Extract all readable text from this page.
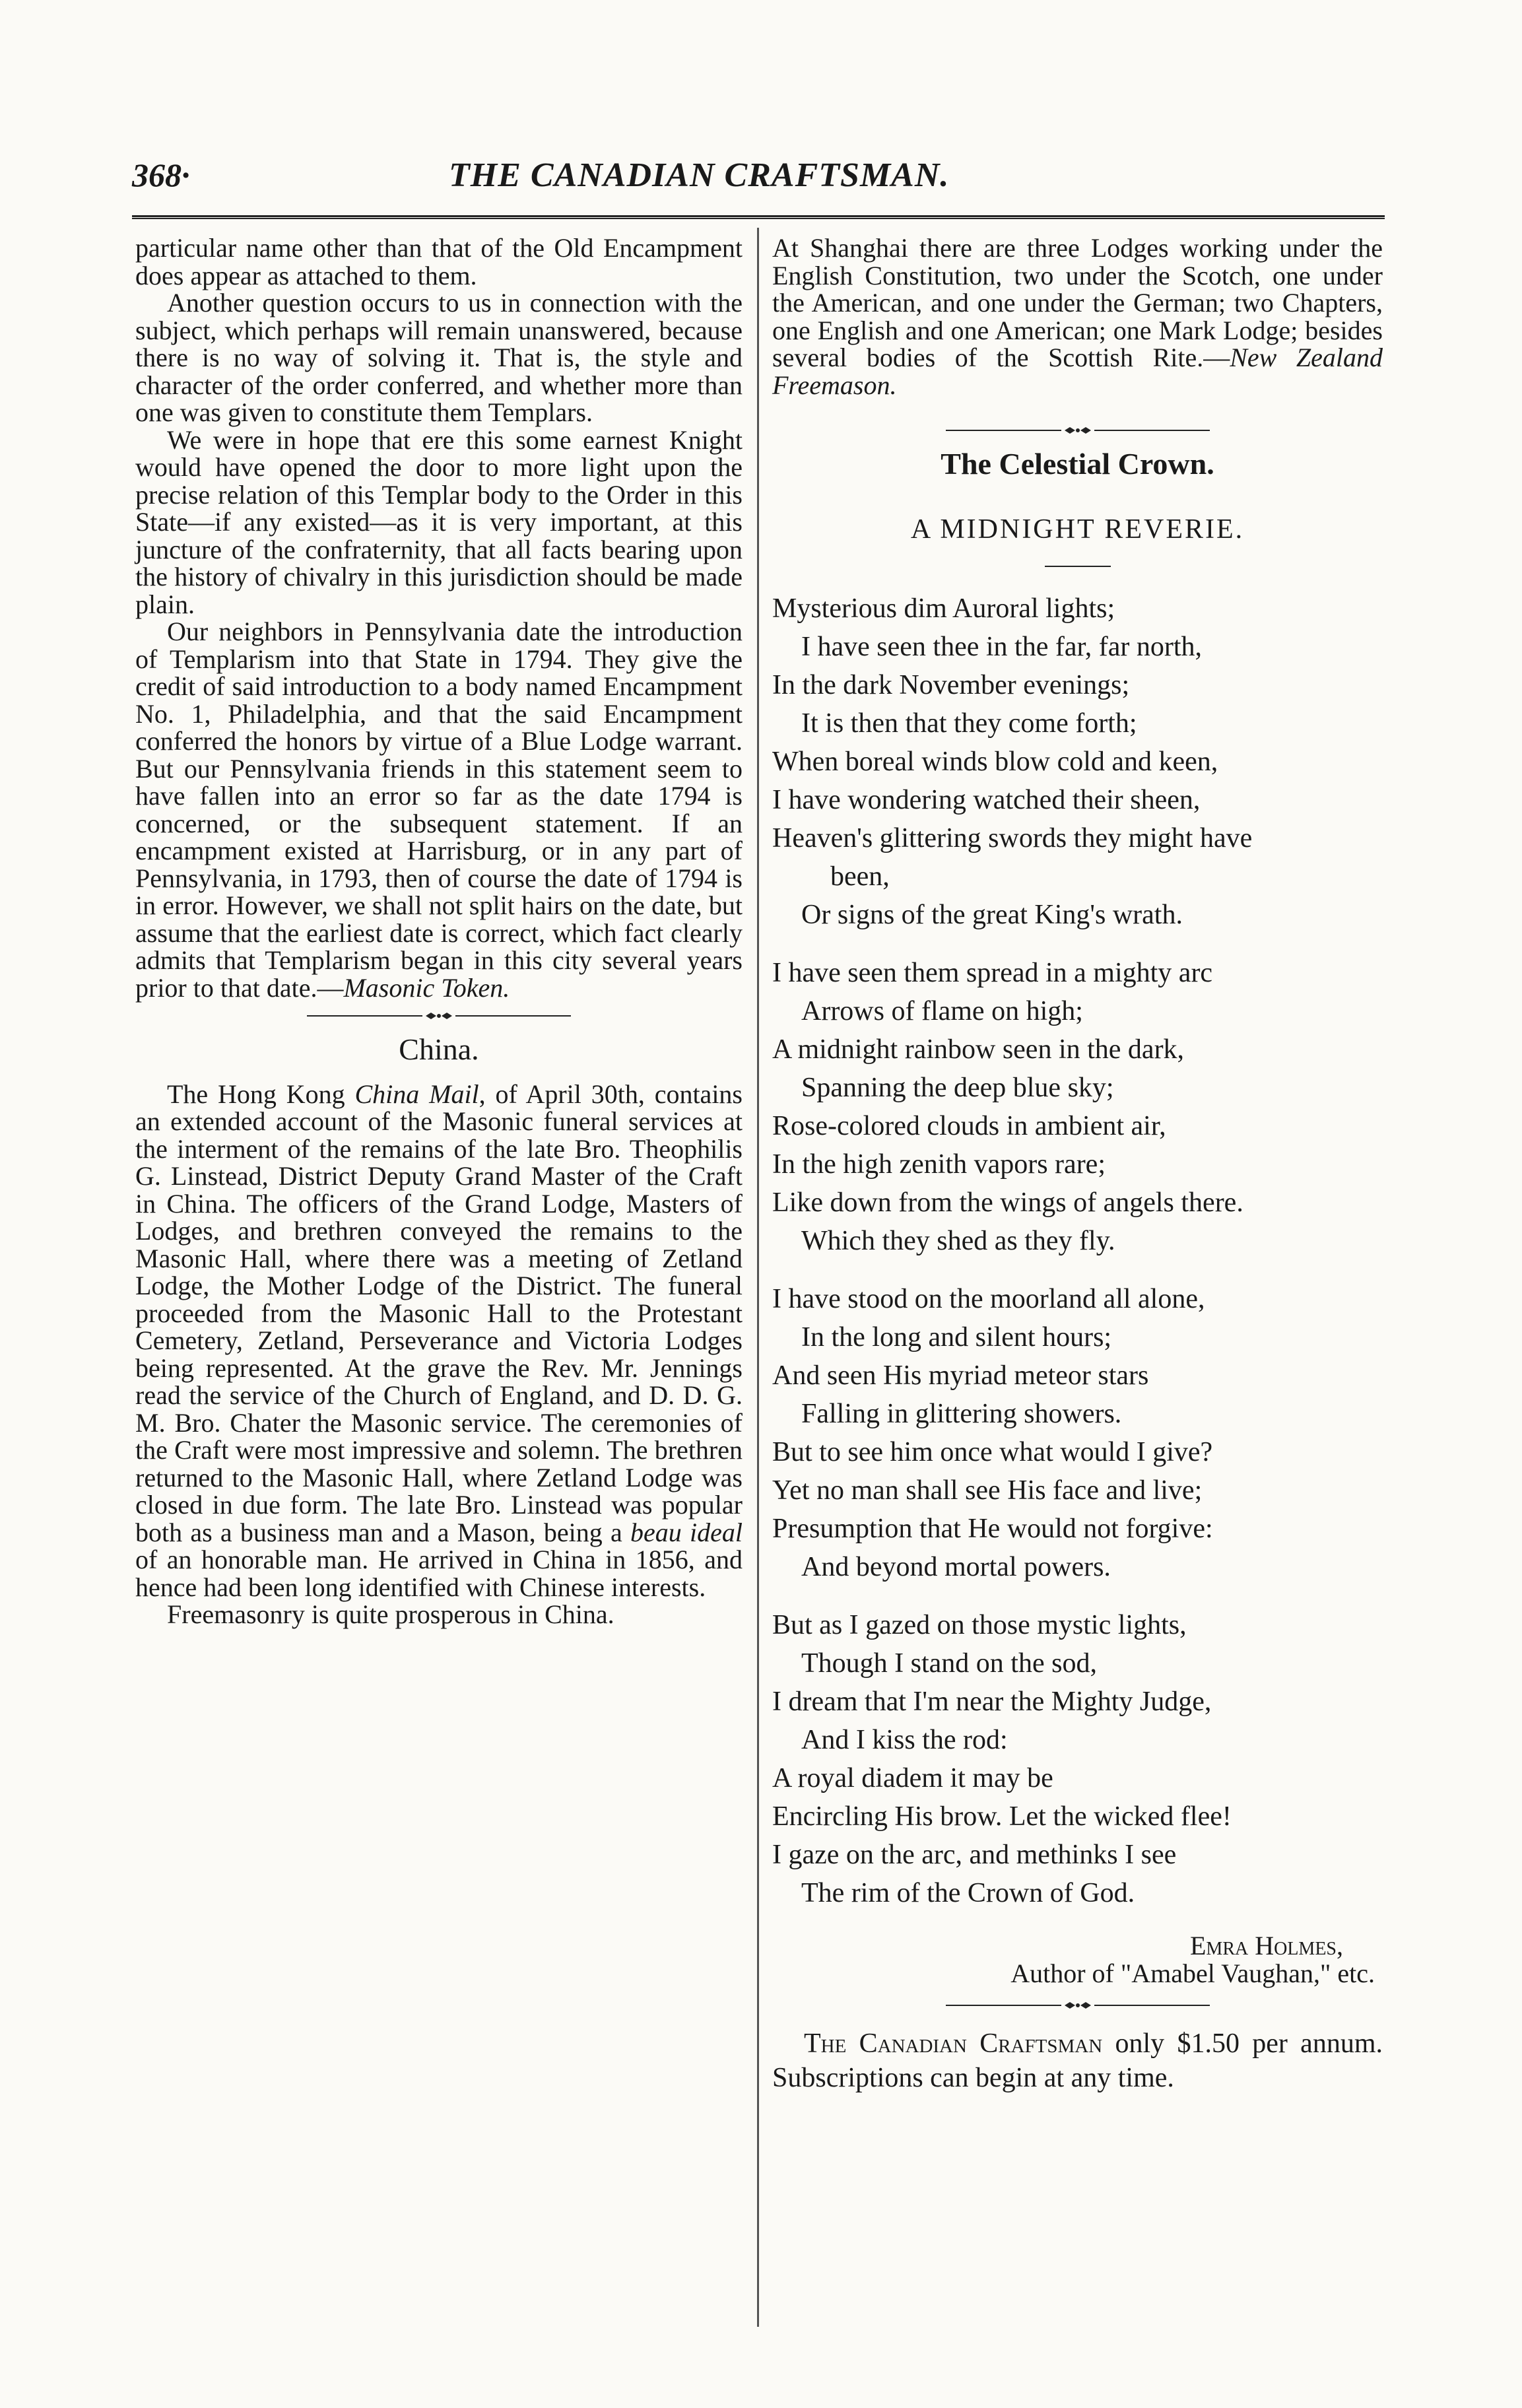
368·	THE CANADIAN CRAFTSMAN.

particular name other than that of the Old Encampment does appear as attached to them.

Another question occurs to us in connection with the subject, which perhaps will remain unanswered, because there is no way of solving it. That is, the style and character of the order conferred, and whether more than one was given to constitute them Templars.

We were in hope that ere this some earnest Knight would have opened the door to more light upon the precise relation of this Templar body to the Order in this State—if any existed—as it is very important, at this juncture of the confraternity, that all facts bearing upon the history of chivalry in this jurisdiction should be made plain.

Our neighbors in Pennsylvania date the introduction of Templarism into that State in 1794. They give the credit of said introduction to a body named Encampment No. 1, Philadelphia, and that the said Encampment conferred the honors by virtue of a Blue Lodge warrant. But our Pennsylvania friends in this statement seem to have fallen into an error so far as the date 1794 is concerned, or the subsequent statement. If an encampment existed at Harrisburg, or in any part of Pennsylvania, in 1793, then of course the date of 1794 is in error. However, we shall not split hairs on the date, but assume that the earliest date is correct, which fact clearly admits that Templarism began in this city several years prior to that date.—Masonic Token.

China.

The Hong Kong China Mail, of April 30th, contains an extended account of the Masonic funeral services at the interment of the remains of the late Bro. Theophilis G. Linstead, District Deputy Grand Master of the Craft in China. The officers of the Grand Lodge, Masters of Lodges, and brethren conveyed the remains to the Masonic Hall, where there was a meeting of Zetland Lodge, the Mother Lodge of the District. The funeral proceeded from the Masonic Hall to the Protestant Cemetery, Zetland, Perseverance and Victoria Lodges being represented. At the grave the Rev. Mr. Jennings read the service of the Church of England, and D. D. G. M. Bro. Chater the Masonic service. The ceremonies of the Craft were most impressive and solemn. The brethren returned to the Masonic Hall, where Zetland Lodge was closed in due form. The late Bro. Linstead was popular both as a business man and a Mason, being a beau ideal of an honorable man. He arrived in China in 1856, and hence had been long identified with Chinese interests.

Freemasonry is quite prosperous in China.

At Shanghai there are three Lodges working under the English Constitution, two under the Scotch, one under the American, and one under the German; two Chapters, one English and one American; one Mark Lodge; besides several bodies of the Scottish Rite.—New Zealand Freemason.

The Celestial Crown.
A MIDNIGHT REVERIE.
Mysterious dim Auroral lights;
I have seen thee in the far, far north,
In the dark November evenings;
It is then that they come forth;
When boreal winds blow cold and keen,
I have wondering watched their sheen,
Heaven's glittering swords they might have
been,
Or signs of the great King's wrath.
I have seen them spread in a mighty arc
Arrows of flame on high;
A midnight rainbow seen in the dark,
Spanning the deep blue sky;
Rose-colored clouds in ambient air,
In the high zenith vapors rare;
Like down from the wings of angels there.
Which they shed as they fly.
I have stood on the moorland all alone,
In the long and silent hours;
And seen His myriad meteor stars
Falling in glittering showers.
But to see him once what would I give?
Yet no man shall see His face and live;
Presumption that He would not forgive:
And beyond mortal powers.
But as I gazed on those mystic lights,
Though I stand on the sod,
I dream that I'm near the Mighty Judge,
And I kiss the rod:
A royal diadem it may be
Encircling His brow. Let the wicked flee!
I gaze on the arc, and methinks I see
The rim of the Crown of God.
Emra Holmes,
Author of "Amabel Vaughan," etc.

The Canadian Craftsman only $1.50 per annum. Subscriptions can begin at any time.
